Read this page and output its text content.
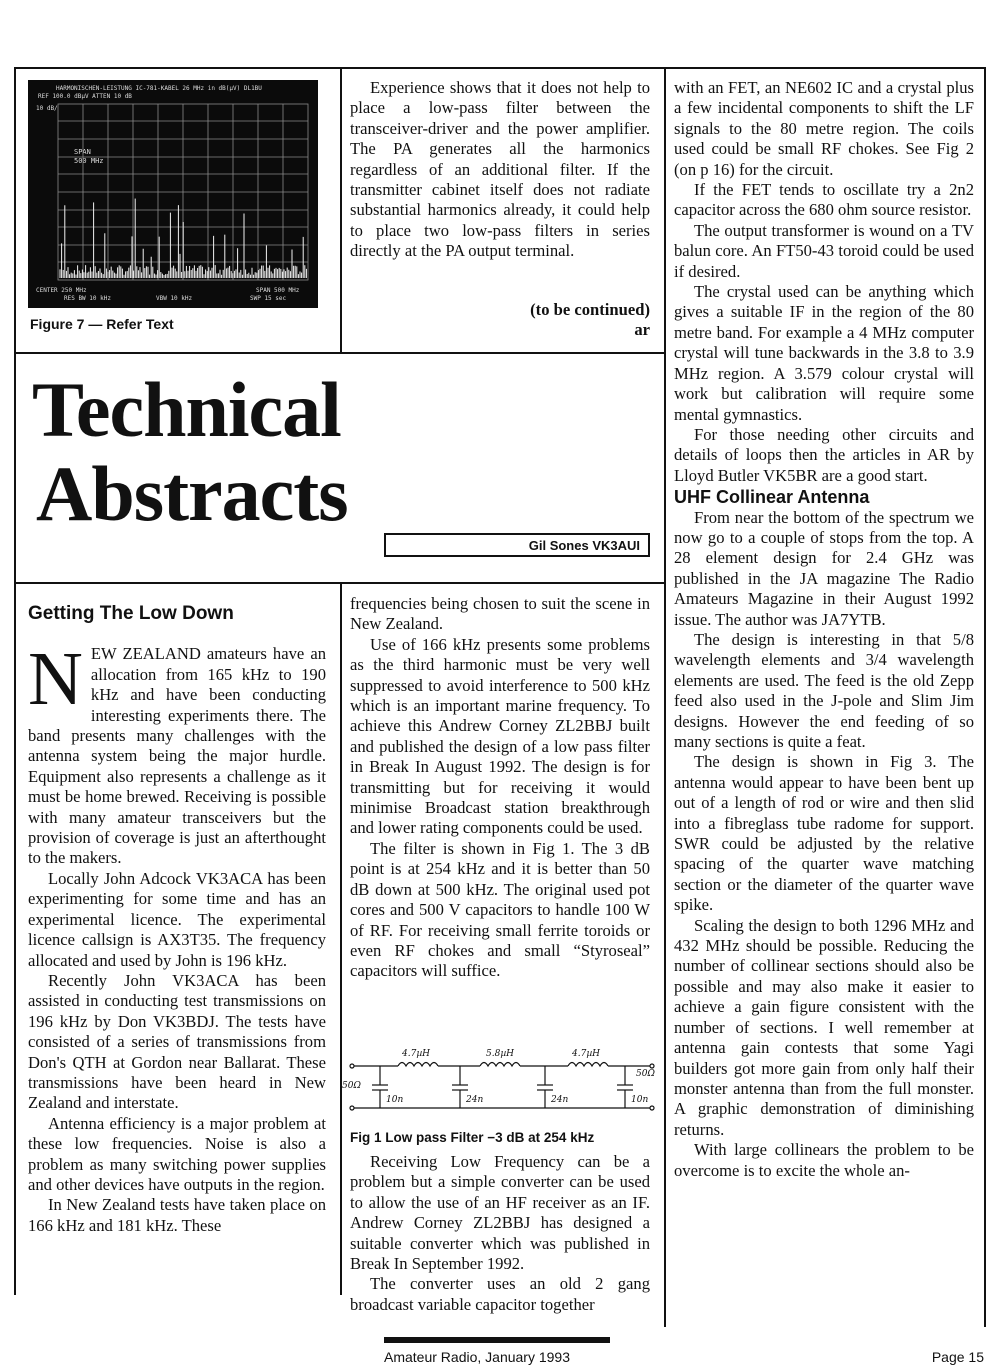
HARMONISCHEN-LEISTUNG IC-781-KABEL 26 MHz in dB(µV) DL1BU
REF 100.0 dBµV ATTEN 10 dB
10 dB/
SPAN
500 MHz
CENTER 250 MHz
RES BW 10 kHz	VBW 10 kHz
SPAN 500 MHz
SWP 15 sec
Figure 7 — Refer Text

Experience shows that it does not help to place a low-pass filter between the transceiver-driver and the power amplifier. The PA generates all the harmonics regardless of an additional filter. If the transmitter cabinet itself does not radiate substantial harmonics already, it could help to place two low-pass filters in series directly at the PA output terminal.

(to be continued)
ar
Technical
Abstracts
Gil Sones VK3AUI

with an FET, an NE602 IC and a crystal plus a few incidental components to shift the LF signals to the 80 metre region. The coils used could be small RF chokes. See Fig 2 (on p 16) for the circuit.

If the FET tends to oscillate try a 2n2 capacitor across the 680 ohm source resistor.

The output transformer is wound on a TV balun core. An FT50-43 toroid could be used if desired.

The crystal used can be anything which gives a suitable IF in the region of the 80 metre band. For example a 4 MHz computer crystal will tune backwards in the 3.8 to 3.9 MHz region. A 3.579 colour crystal will work but calibration will require some mental gymnastics.

For those needing other circuits and details of loops then the articles in AR by Lloyd Butler VK5BR are a good start.

UHF Collinear Antenna

From near the bottom of the spectrum we now go to a couple of stops from the top. A 28 element design for 2.4 GHz was published in the JA magazine The Radio Amateurs Magazine in their August 1992 issue. The author was JA7YTB.

The design is interesting in that 5/8 wavelength elements and 3/4 wavelength elements are used. The feed is the old Zepp feed also used in the J-pole and Slim Jim designs. However the end feeding of so many sections is quite a feat.

The design is shown in Fig 3. The antenna would appear to have been bent up out of a length of rod or wire and then slid into a fibreglass tube radome for support. SWR could be adjusted by the relative spacing of the quarter wave matching section or the diameter of the quarter wave spike.

Scaling the design to both 1296 MHz and 432 MHz should be possible. Reducing the number of collinear sections should also be possible and may also make it easier to achieve a gain figure consistent with the number of sections. I well remember at antenna gain contests that some Yagi builders got more gain from only half their monster antenna than from the full monster. A graphic demonstration of diminishing returns.

With large collinears the problem to be overcome is to excite the whole an-

Getting The Low Down

NEW ZEALAND amateurs have an allocation from 165 kHz to 190 kHz and have been conducting interesting experiments there. The band presents many challenges with the antenna system being the major hurdle. Equipment also represents a challenge as it must be home brewed. Receiving is possible with many amateur transceivers but the provision of coverage is just an afterthought to the makers.

Locally John Adcock VK3ACA has been experimenting for some time and has an experimental licence. The experimental licence callsign is AX3T35. The frequency allocated and used by John is 196 kHz.

Recently John VK3ACA has been assisted in conducting test transmissions on 196 kHz by Don VK3BDJ. The tests have consisted of a series of transmissions from Don's QTH at Gordon near Ballarat. These transmissions have been heard in New Zealand and interstate.

Antenna efficiency is a major problem at these low frequencies. Noise is also a problem as many switching power supplies and other devices have outputs in the region.

In New Zealand tests have taken place on 166 kHz and 181 kHz. These

frequencies being chosen to suit the scene in New Zealand.

Use of 166 kHz presents some problems as the third harmonic must be very well suppressed to avoid interference to 500 kHz which is an important marine frequency. To achieve this Andrew Corney ZL2BBJ built and published the design of a low pass filter in Break In August 1992. The design is for transmitting but for receiving it would minimise Broadcast station breakthrough and lower rating components could be used.

The filter is shown in Fig 1. The 3 dB point is at 254 kHz and it is better than 50 dB down at 500 kHz. The original used pot cores and 500 V capacitors to handle 100 W of RF. For receiving small ferrite toroids or even RF chokes and small “Styroseal” capacitors will suffice.

4.7µH	5.8µH	4.7µH
10n	24n	24n	10n
50Ω
50Ω
Fig 1 Low pass Filter −3 dB at 254 kHz

Receiving Low Frequency can be a problem but a simple converter can be used to allow the use of an HF receiver as an IF. Andrew Corney ZL2BBJ has designed a suitable converter which was published in Break In September 1992.

The converter uses an old 2 gang broadcast variable capacitor together

Amateur Radio, January 1993	Page 15
